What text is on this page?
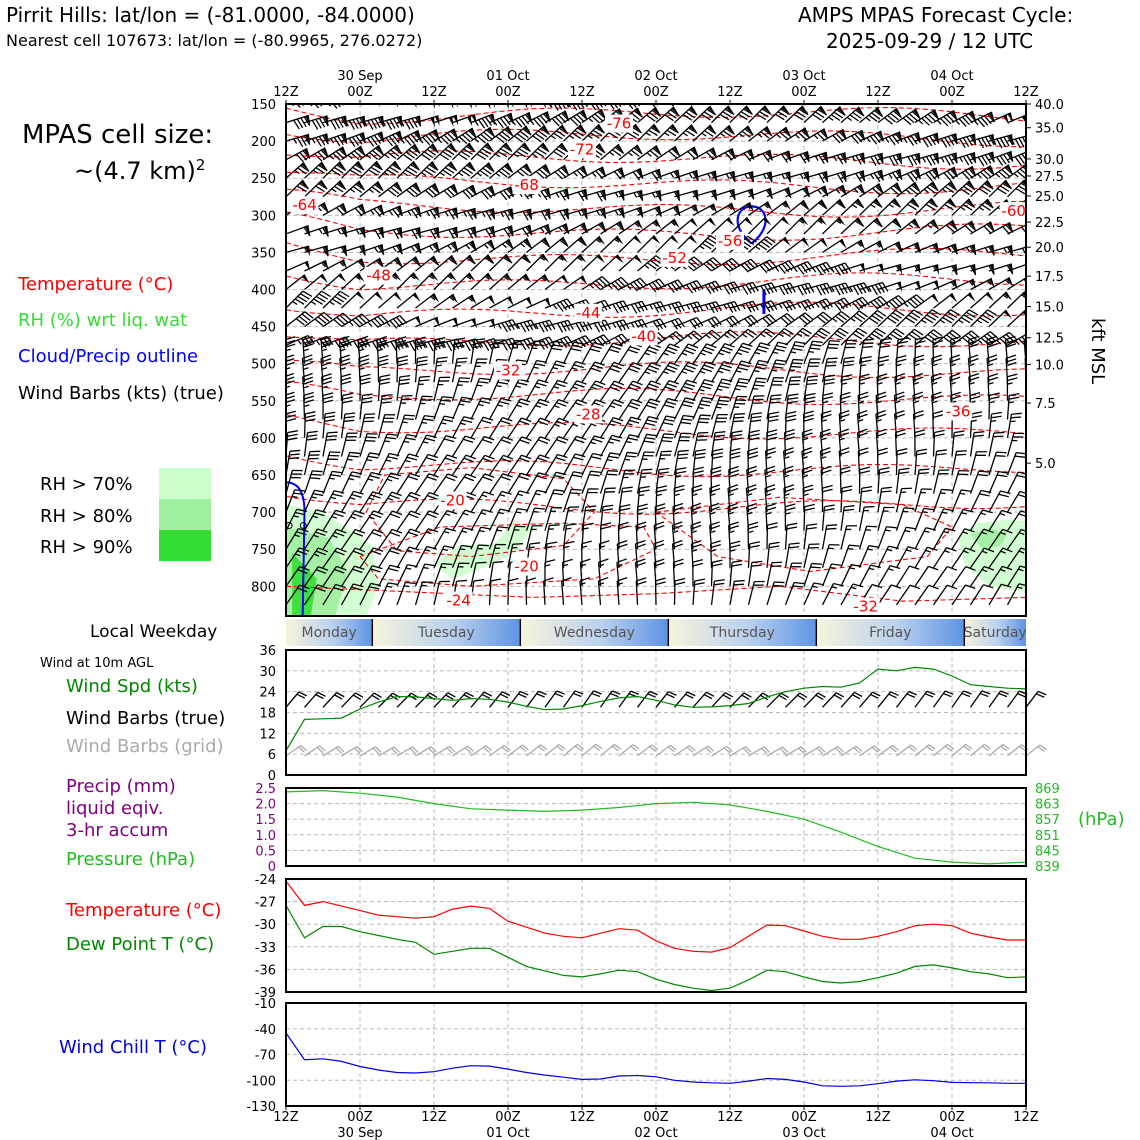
Pirrit Hills: lat/lon = (-81.0000, -84.0000)
Nearest cell 107673: lat/lon = (-80.9965, 276.0272)
AMPS MPAS Forecast Cycle:
2025-09-29 / 12 UTC
MPAS cell size:
~(4.7 km)$^2$
Temperature (°C)
RH (%) wrt liq. wat
Cloud/Precip outline
Wind Barbs (kts) (true)
RH > 70%
RH > 80%
RH > 90%
Local Weekday
Wind at 10m AGL
Wind Spd (kts)
Wind Barbs (true)
Wind Barbs (grid)
Precip (mm)
liquid eqiv.
3-hr accum
Pressure (hPa)
(hPa)
Temperature (°C)
Dew Point T (°C)
Wind Chill T (°C)
kft MSL
-76
-72
-68
-64	-60
-56
-52
-48
-44
-40
-32
-28	-36
-20
-20
-24	-32
Monday	Tuesday	Wednesday	Thursday	Friday	Saturday
150
200
250
300
350
400
450
500
550
600
650
700
750
800
40.0
35.0
30.0
27.5
25.0
22.5
20.0
17.5
15.0
12.5
10.0
7.5
5.0
12Z
12Z
00Z
00Z
12Z
12Z
00Z
00Z
12Z
12Z
00Z
00Z
12Z
12Z
00Z
00Z
12Z
12Z
00Z
00Z
12Z
12Z
30 Sep
30 Sep
01 Oct
01 Oct
02 Oct
02 Oct
03 Oct
03 Oct
04 Oct
04 Oct
0
6
12
18
24
30
36
0
0.5
1.0
1.5
2.0
2.5
839
845
851
857
863
869
-24
-27
-30
-33
-36
-39
-10
-40
-70
-100
-130
